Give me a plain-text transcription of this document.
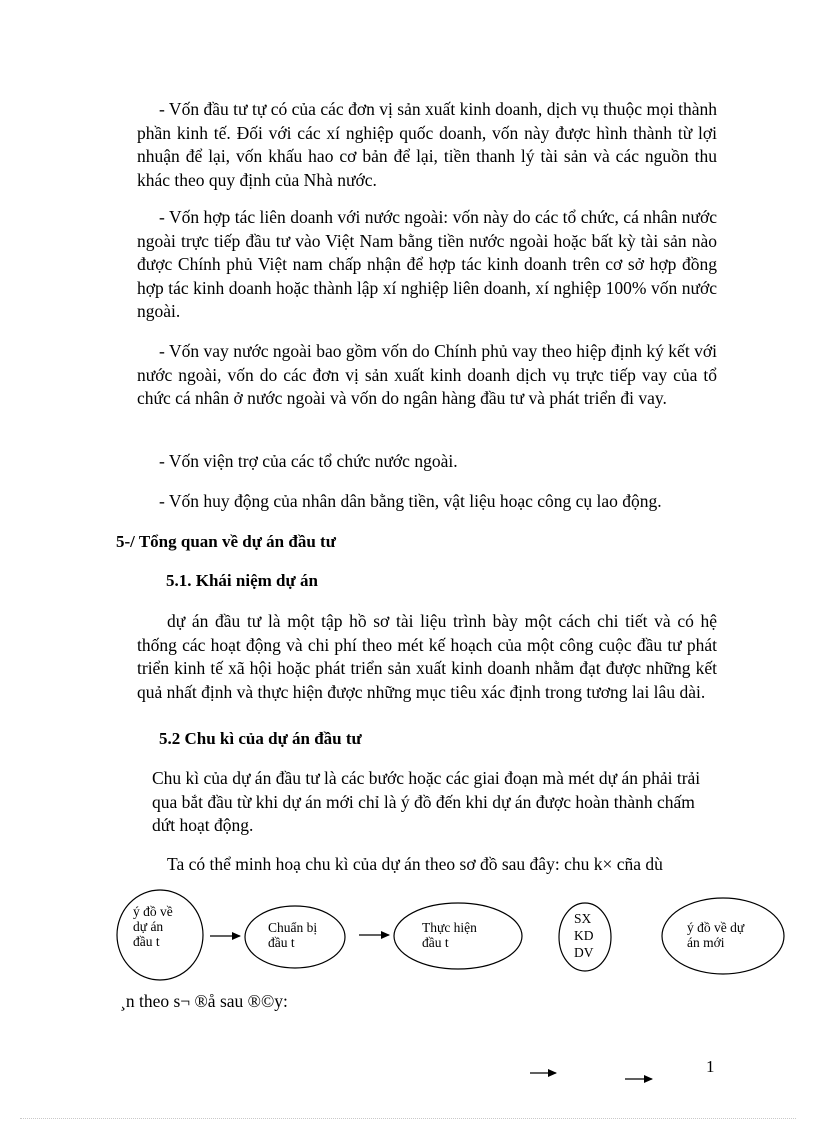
- Vốn đầu tư tự có của các đơn vị sản xuất kinh doanh, dịch vụ thuộc mọi thành phần kinh tế. Đối với các xí nghiệp quốc doanh, vốn này được hình thành từ lợi nhuận để lại, vốn khấu hao cơ bản để lại, tiền thanh lý tài sản và các nguồn thu khác theo quy định của Nhà nước.

- Vốn hợp tác liên doanh với nước ngoài: vốn này do các tổ chức, cá nhân nước ngoài trực tiếp đầu tư vào Việt Nam bằng tiền nước ngoài hoặc bất kỳ tài sản nào được Chính phủ Việt nam chấp nhận để hợp tác kinh doanh trên cơ sở hợp đồng hợp tác kinh doanh hoặc thành lập xí nghiệp liên doanh, xí nghiệp 100% vốn nước ngoài.

- Vốn vay nước ngoài bao gồm vốn do Chính phủ vay theo hiệp định ký kết với nước ngoài, vốn do các đơn vị sản xuất kinh doanh dịch vụ trực tiếp vay của tổ chức cá nhân ở nước ngoài và vốn do ngân hàng đầu tư và phát triển đi vay.

- Vốn viện trợ của các tổ chức nước ngoài.

- Vốn huy động của nhân dân bằng tiền, vật liệu hoạc công cụ lao động.

5-/ Tổng quan về dự án đầu tư
5.1. Khái niệm dự án

dự án đầu tư là một tập hồ sơ tài liệu trình bày một cách chi tiết và có hệ thống các hoạt động và chi phí theo mét kế hoạch của một công cuộc đầu tư phát triển kinh tế xã hội hoặc phát triển sản xuất kinh doanh nhằm đạt được những kết quả nhất định và thực hiện được những mục tiêu xác định trong tương lai lâu dài.

5.2 Chu kì của dự án đầu tư

Chu kì của dự án đầu tư là các bước hoặc các giai đoạn mà mét dự án phải trải qua bắt đầu từ khi dự án mới chỉ là ý đồ đến khi dự án được hoàn thành chấm dứt hoạt động.

Ta có thể minh hoạ chu kì của dự án theo sơ đồ sau đây: chu k× cña dù

ý đồ về
dự án
đầu t
Chuẩn bị
đầu t
Thực hiện
đầu t
SX
KD
DV
ý đồ về dự
án mới

¸n theo s¬ ®å sau ®©y:

1
